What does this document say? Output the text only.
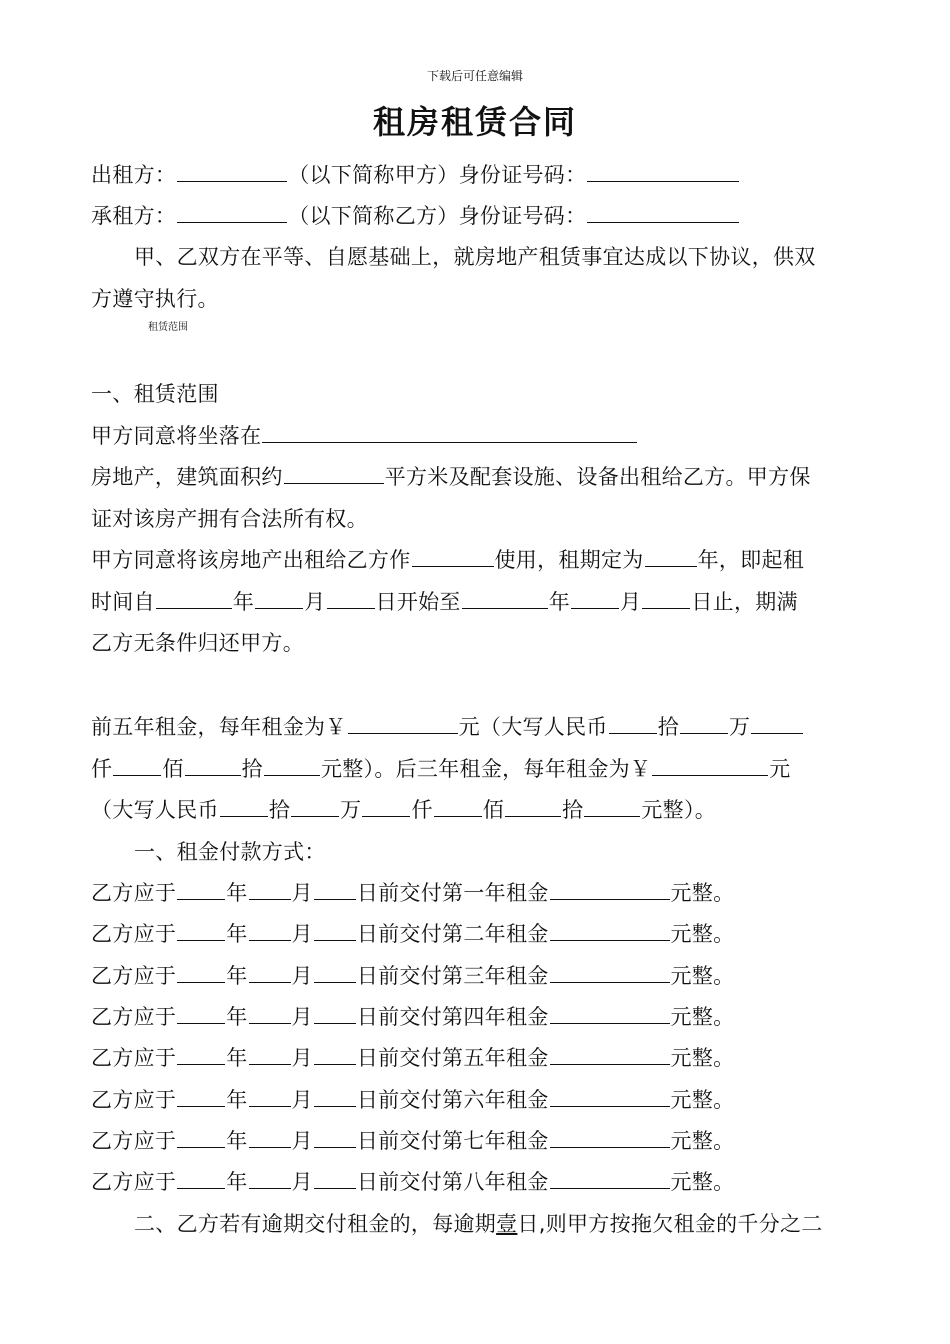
下载后可任意编辑
租房租赁合同
出租方：	（以下简称甲方）身份证号码：
承租方：	（以下简称乙方）身份证号码：
甲、乙双方在平等、自愿基础上，就房地产租赁事宜达成以下协议，供双
方遵守执行。
租赁范围
一、租赁范围
甲方同意将坐落在
房地产，建筑面积约	平方米及配套设施、设备出租给乙方。甲方保
证对该房产拥有合法所有权。
甲方同意将该房地产出租给乙方作	使用，租期定为	年，即起租
时间自	年 月 日开始至	年 月 日止，期满
乙方无条件归还甲方。
前五年租金，每年租金为￥	元（大写人民币 拾 万
仟 佰	拾	元整）。后三年租金，每年租金为￥	元
（大写人民币 拾 万 仟 佰	拾	元整）。
一、租金付款方式：
乙方应于 年 月 日前交付第一年租金	元整。
乙方应于 年 月 日前交付第二年租金	元整。
乙方应于 年 月 日前交付第三年租金	元整。
乙方应于 年 月 日前交付第四年租金	元整。
乙方应于 年 月 日前交付第五年租金	元整。
乙方应于 年 月 日前交付第六年租金	元整。
乙方应于 年 月 日前交付第七年租金	元整。
乙方应于 年 月 日前交付第八年租金	元整。
二、乙方若有逾期交付租金的，每逾期壹日,则甲方按拖欠租金的千分之二
